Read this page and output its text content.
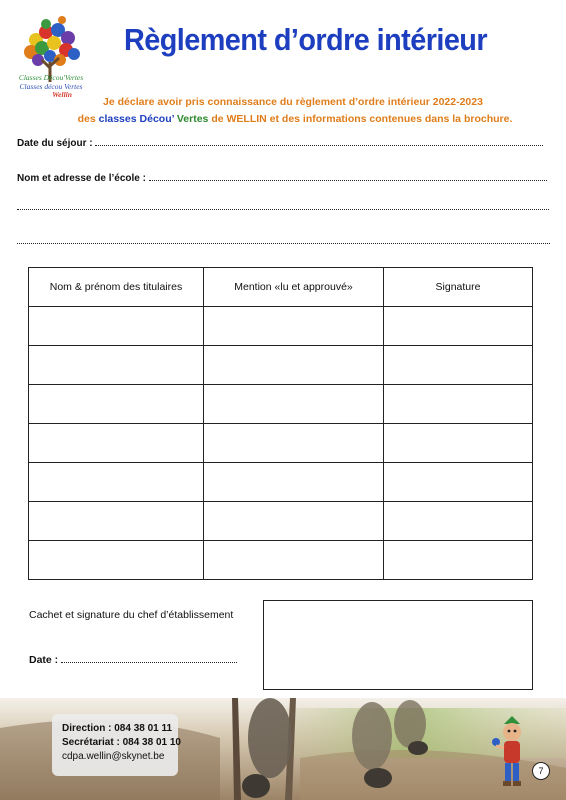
Classes Décou'Vertes
Classes décou Vertes
Wellin
Règlement d’ordre intérieur
Je déclare avoir pris connaissance du règlement d’ordre intérieur 2022-2023
des classes Décou’ Vertes de WELLIN et des informations contenues dans la brochure.
Date du séjour :
Nom et adresse de l’école :
Nom & prénom des titulaires	Mention «lu et approuvé»	Signature

Cachet et signature du chef d’établissement
Date :
Direction : 084 38 01 11
Secrétariat : 084 38 01 10
cdpa.wellin@skynet.be
7
